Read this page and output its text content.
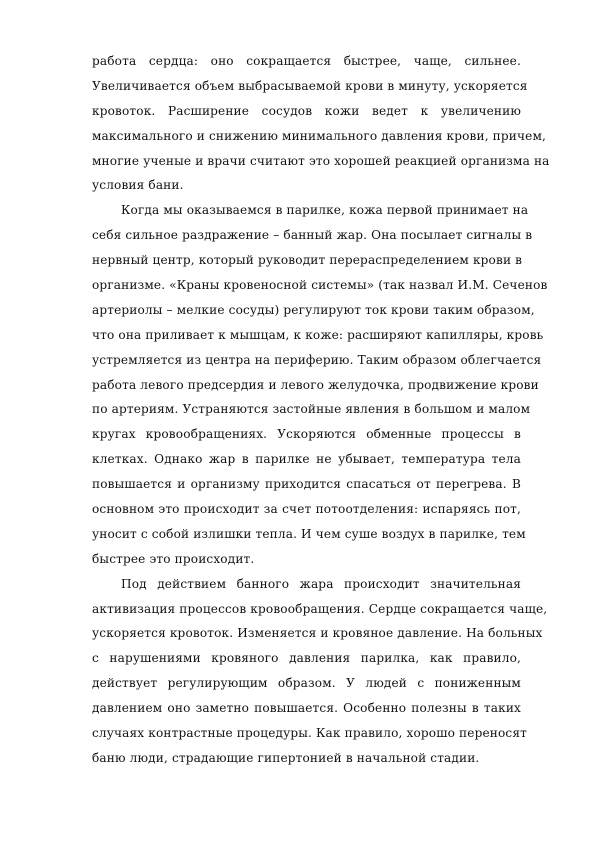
работа сердца: оно сокращается быстрее, чаще, сильнее.
Увеличивается объем выбрасываемой крови в минуту, ускоряется
кровоток. Расширение сосудов кожи ведет к увеличению
максимального и снижению минимального давления крови, причем,
многие ученые и врачи считают это хорошей реакцией организма на
условия бани.
Когда мы оказываемся в парилке, кожа первой принимает на
себя сильное раздражение – банный жар. Она посылает сигналы в
нервный центр, который руководит перераспределением крови в
организме. «Краны кровеносной системы» (так назвал И.М. Сеченов
артериолы – мелкие сосуды) регулируют ток крови таким образом,
что она приливает к мышцам, к коже: расширяют капилляры, кровь
устремляется из центра на периферию. Таким образом облегчается
работа левого предсердия и левого желудочка, продвижение крови
по артериям. Устраняются застойные явления в большом и малом
кругах кровообращениях. Ускоряются обменные процессы в
клетках. Однако жар в парилке не убывает, температура тела
повышается и организму приходится спасаться от перегрева. В
основном это происходит за счет потоотделения: испаряясь пот,
уносит с собой излишки тепла. И чем суше воздух в парилке, тем
быстрее это происходит.
Под действием банного жара происходит значительная
активизация процессов кровообращения. Сердце сокращается чаще,
ускоряется кровоток. Изменяется и кровяное давление. На больных
с нарушениями кровяного давления парилка, как правило,
действует регулирующим образом. У людей с пониженным
давлением оно заметно повышается. Особенно полезны в таких
случаях контрастные процедуры. Как правило, хорошо переносят
баню люди, страдающие гипертонией в начальной стадии.
